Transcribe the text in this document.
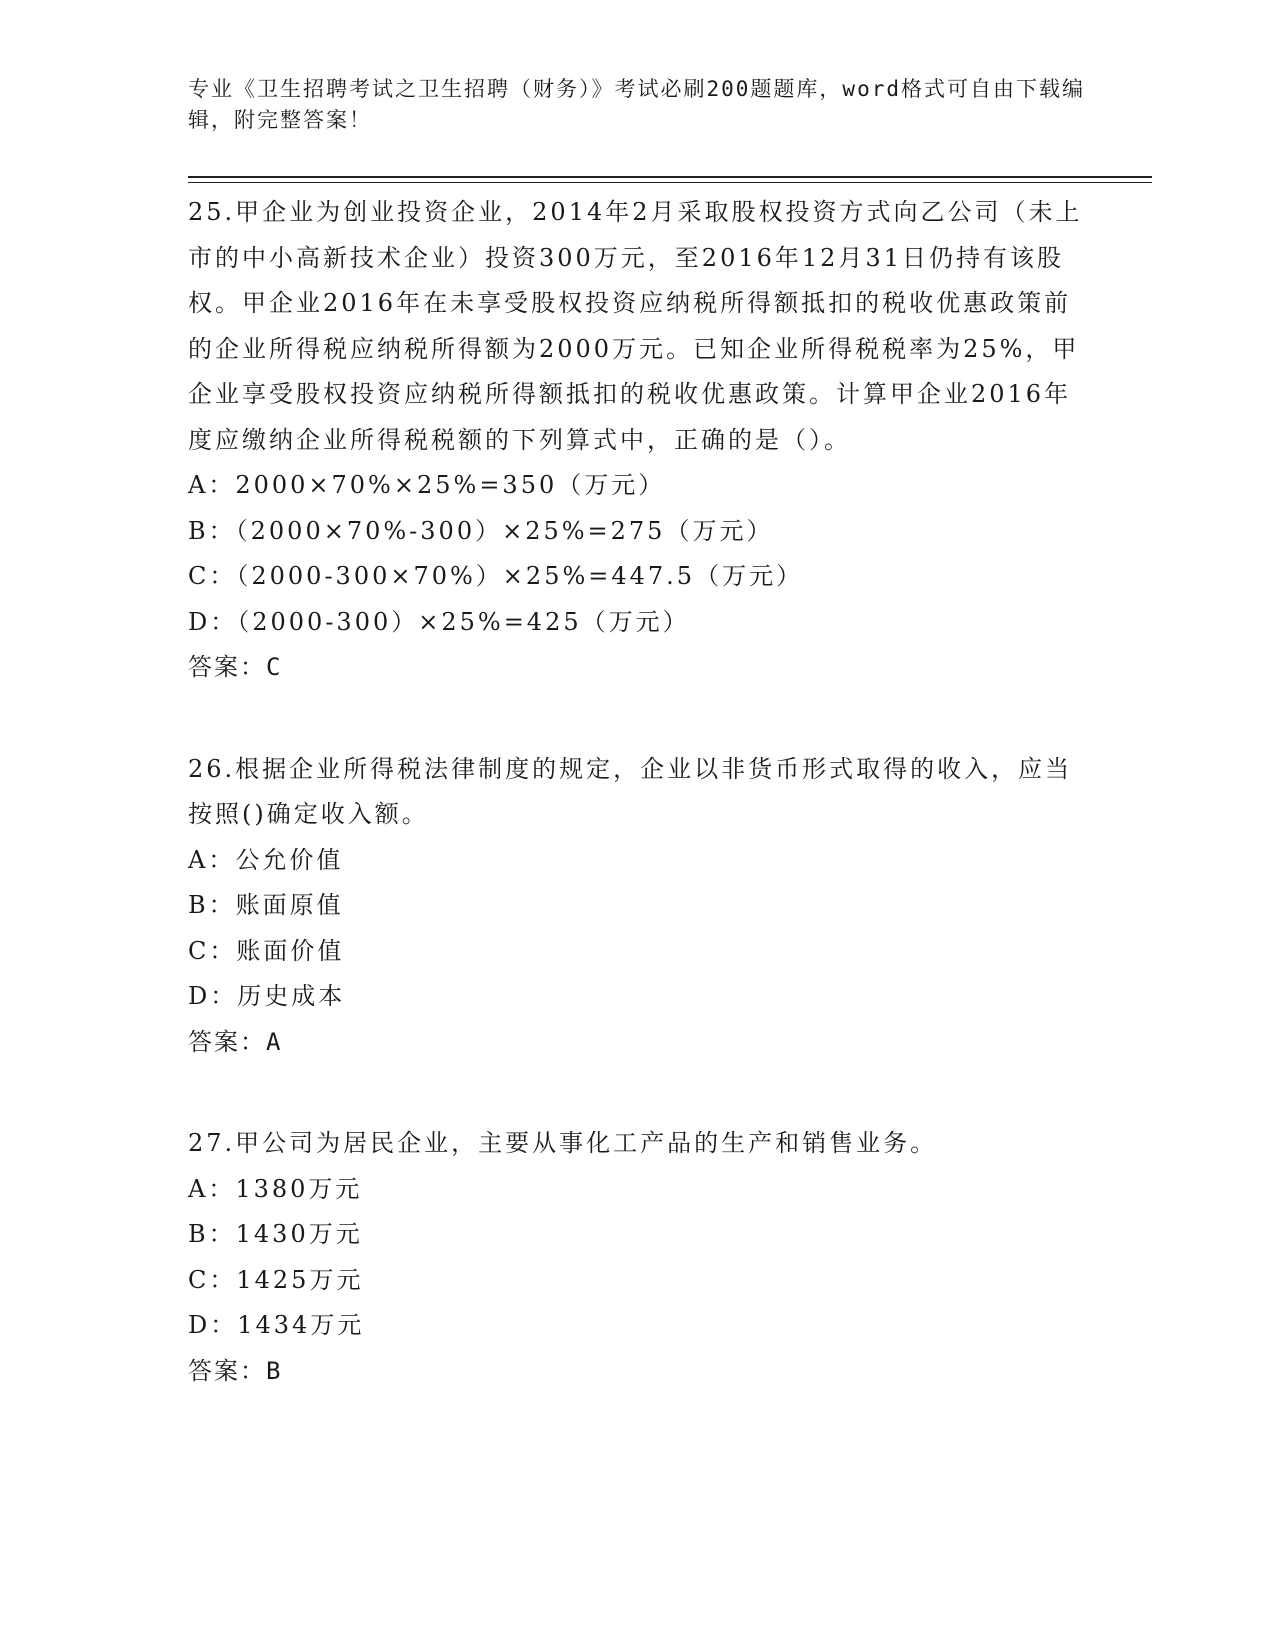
专业《卫生招聘考试之卫生招聘（财务）》考试必刷200题题库，word格式可自由下载编辑，附完整答案！

25.甲企业为创业投资企业，2014年2月采取股权投资方式向乙公司（未上市的中小高新技术企业）投资300万元，至2016年12月31日仍持有该股权。甲企业2016年在未享受股权投资应纳税所得额抵扣的税收优惠政策前的企业所得税应纳税所得额为2000万元。已知企业所得税税率为25%，甲企业享受股权投资应纳税所得额抵扣的税收优惠政策。计算甲企业2016年度应缴纳企业所得税税额的下列算式中，正确的是（）。

A：2000×70%×25%=350（万元）

B：（2000×70%-300）×25%=275（万元）

C：（2000-300×70%）×25%=447.5（万元）

D：（2000-300）×25%=425（万元）

答案：C

26.根据企业所得税法律制度的规定，企业以非货币形式取得的收入，应当按照()确定收入额。

A：公允价值

B：账面原值

C：账面价值

D：历史成本

答案：A

27.甲公司为居民企业，主要从事化工产品的生产和销售业务。

A：1380万元

B：1430万元

C：1425万元

D：1434万元

答案：B
